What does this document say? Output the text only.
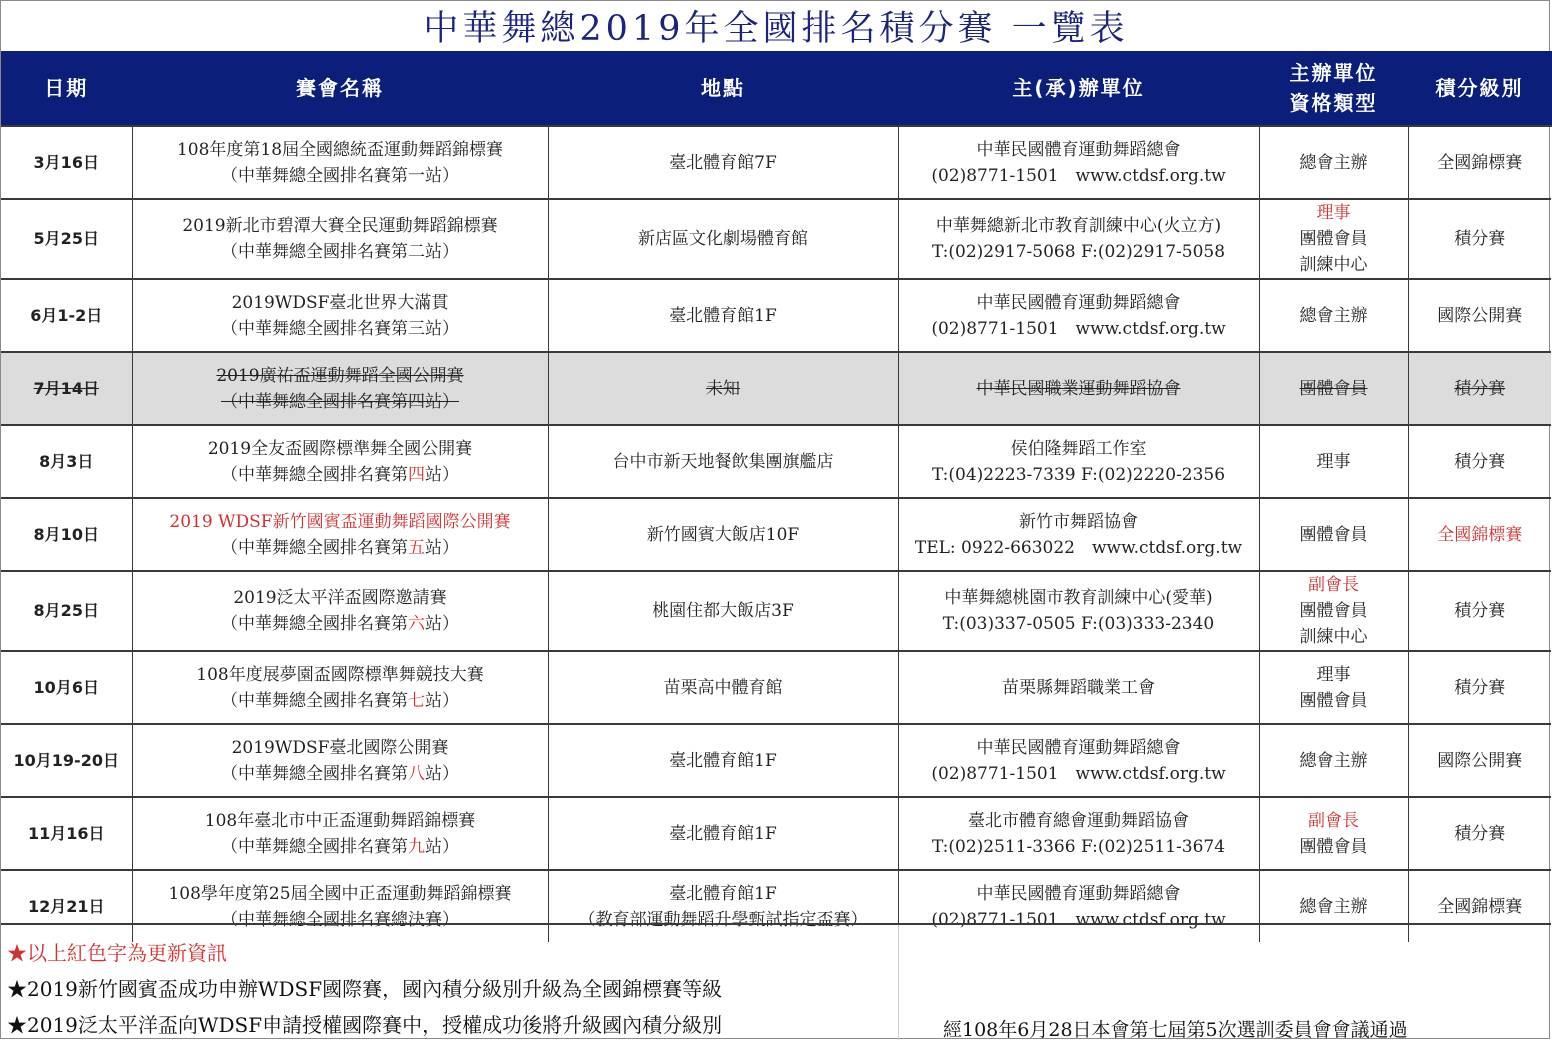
中華舞總2019年全國排名積分賽 一覽表
日期	賽會名稱	地點	主(承)辦單位	主辦單位
資格類型	積分級別
3月16日	108年度第18屆全國總統盃運動舞蹈錦標賽
（中華舞總全國排名賽第一站）	臺北體育館7F	中華民國體育運動舞蹈總會
(02)8771-1501　www.ctdsf.org.tw	總會主辦	全國錦標賽
5月25日	2019新北市碧潭大賽全民運動舞蹈錦標賽
（中華舞總全國排名賽第二站）	新店區文化劇場體育館	中華舞總新北市教育訓練中心(火立方)
T:(02)2917-5068 F:(02)2917-5058	理事
團體會員
訓練中心	積分賽
6月1-2日	2019WDSF臺北世界大滿貫
（中華舞總全國排名賽第三站）	臺北體育館1F	中華民國體育運動舞蹈總會
(02)8771-1501　www.ctdsf.org.tw	總會主辦	國際公開賽
7月14日	2019廣祐盃運動舞蹈全國公開賽
（中華舞總全國排名賽第四站）	未知	中華民國職業運動舞蹈協會	團體會員	積分賽
8月3日	2019全友盃國際標準舞全國公開賽
（中華舞總全國排名賽第四站）	台中市新天地餐飲集團旗艦店	侯伯隆舞蹈工作室
T:(04)2223-7339 F:(02)2220-2356	理事	積分賽
8月10日	2019 WDSF新竹國賓盃運動舞蹈國際公開賽
（中華舞總全國排名賽第五站）	新竹國賓大飯店10F	新竹市舞蹈協會
TEL: 0922-663022　www.ctdsf.org.tw	團體會員	全國錦標賽
8月25日	2019泛太平洋盃國際邀請賽
（中華舞總全國排名賽第六站）	桃園住都大飯店3F	中華舞總桃園市教育訓練中心(愛華)
T:(03)337-0505 F:(03)333-2340	副會長
團體會員
訓練中心	積分賽
10月6日	108年度展夢園盃國際標準舞競技大賽
（中華舞總全國排名賽第七站）	苗栗高中體育館	苗栗縣舞蹈職業工會	理事
團體會員	積分賽
10月19-20日	2019WDSF臺北國際公開賽
（中華舞總全國排名賽第八站）	臺北體育館1F	中華民國體育運動舞蹈總會
(02)8771-1501　www.ctdsf.org.tw	總會主辦	國際公開賽
11月16日	108年臺北市中正盃運動舞蹈錦標賽
（中華舞總全國排名賽第九站）	臺北體育館1F	臺北市體育總會運動舞蹈協會
T:(02)2511-3366 F:(02)2511-3674	副會長
團體會員	積分賽
12月21日	108學年度第25屆全國中正盃運動舞蹈錦標賽
（中華舞總全國排名賽總決賽）	臺北體育館1F
（教育部運動舞蹈升學甄試指定盃賽）	中華民國體育運動舞蹈總會
(02)8771-1501　www.ctdsf.org.tw	總會主辦	全國錦標賽
★以上紅色字為更新資訊
★2019新竹國賓盃成功申辦WDSF國際賽，國內積分級別升級為全國錦標賽等級
★2019泛太平洋盃向WDSF申請授權國際賽中，授權成功後將升級國內積分級別	經108年6月28日本會第七屆第5次選訓委員會會議通過
